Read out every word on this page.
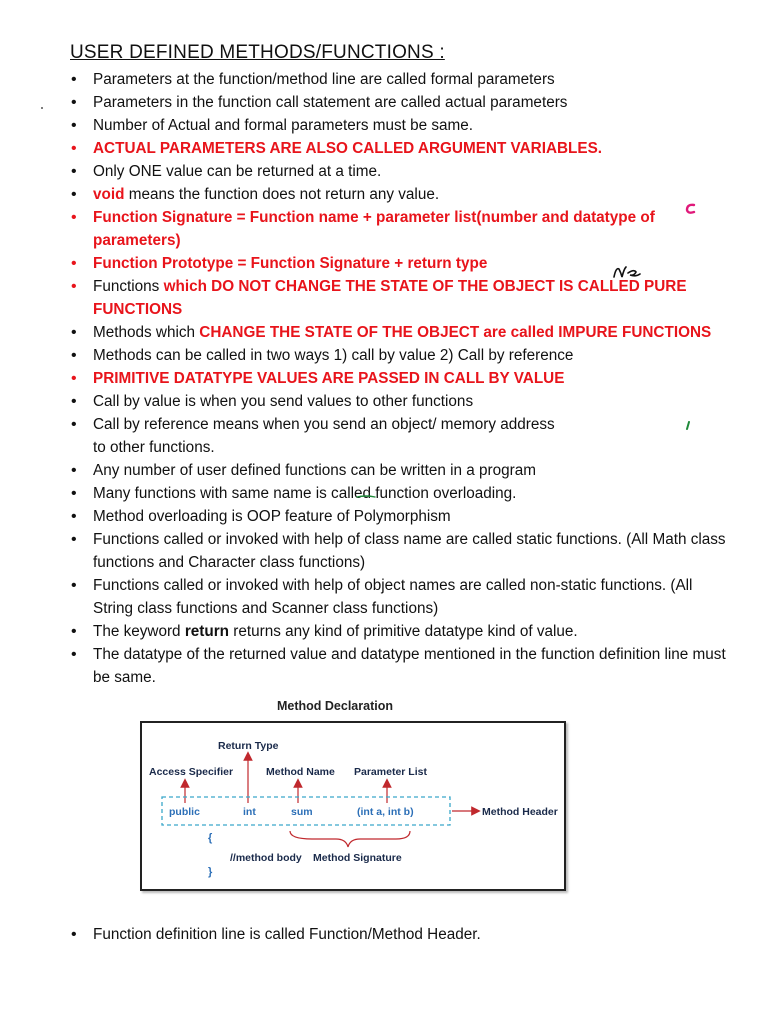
USER DEFINED METHODS/FUNCTIONS :
• Parameters at the function/method line are called formal parameters
• Parameters in the function call statement are called actual parameters
• Number of Actual and formal parameters must be same.
• ACTUAL PARAMETERS ARE ALSO CALLED ARGUMENT VARIABLES.
• Only ONE value can be returned at a time.
• void means the function does not return any value.
• Function Signature = Function name + parameter list(number and datatype of parameters)
• Function Prototype = Function Signature + return type
• Functions which DO NOT CHANGE THE STATE OF THE OBJECT IS CALLED PURE FUNCTIONS
• Methods which CHANGE THE STATE OF THE OBJECT are called IMPURE FUNCTIONS
• Methods can be called in two ways 1) call by value 2) Call by reference
• PRIMITIVE DATATYPE VALUES ARE PASSED IN CALL BY VALUE
• Call by value is when you send values to other functions
• Call by reference means when you send an object/ memory address
to other functions.
• Any number of user defined functions can be written in a program
• Many functions with same name is called function overloading.
• Method overloading is OOP feature of Polymorphism
• Functions called or invoked with help of class name are called static functions. (All Math class functions and Character class functions)
• Functions called or invoked with help of object names are called non-static functions. (All String class functions and Scanner class functions)
• The keyword return returns any kind of primitive datatype kind of value.
• The datatype of the returned value and datatype mentioned in the function definition line must be same.
Method Declaration
Return Type
Access Specifier	Method Name Parameter List
public	int	sum	(int a, int b)	Method Header
{
//method body Method Signature
}
• Function definition line is called Function/Method Header.
